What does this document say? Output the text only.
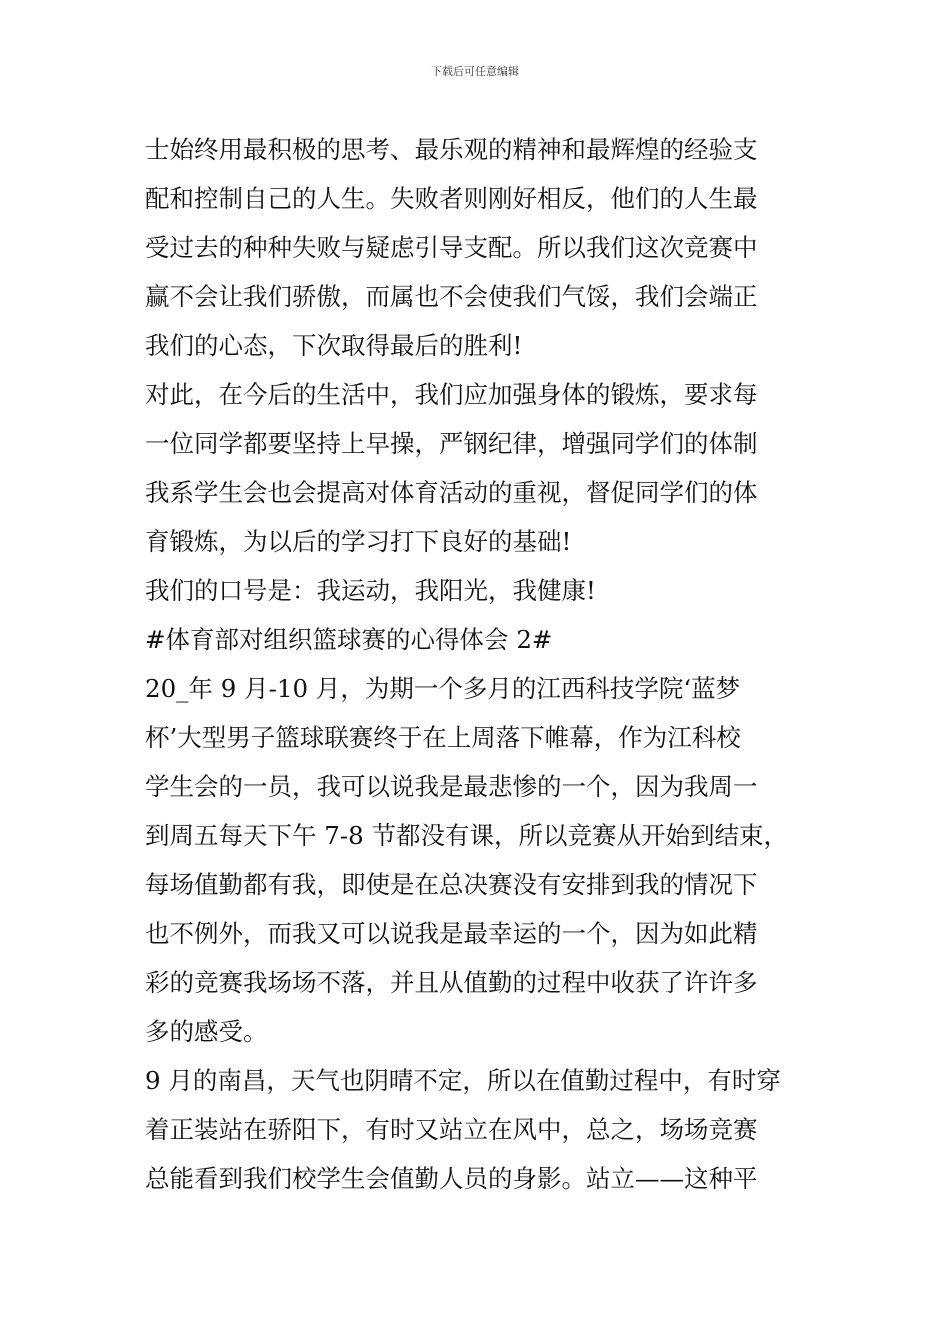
下载后可任意编辑
士始终用最积极的思考、最乐观的精神和最辉煌的经验支
配和控制自己的人生。失败者则刚好相反，他们的人生最
受过去的种种失败与疑虑引导支配。所以我们这次竞赛中
赢不会让我们骄傲，而属也不会使我们气馁，我们会端正
我们的心态，下次取得最后的胜利!
对此，在今后的生活中，我们应加强身体的锻炼，要求每
一位同学都要坚持上早操，严钢纪律，增强同学们的体制
我系学生会也会提高对体育活动的重视，督促同学们的体
育锻炼，为以后的学习打下良好的基础!
我们的口号是：我运动，我阳光，我健康!
#体育部对组织篮球赛的心得体会 2#
20_年 9 月-10 月，为期一个多月的江西科技学院‘蓝梦
杯’大型男子篮球联赛终于在上周落下帷幕，作为江科校
学生会的一员，我可以说我是最悲惨的一个，因为我周一
到周五每天下午 7-8 节都没有课，所以竞赛从开始到结束，
每场值勤都有我，即使是在总决赛没有安排到我的情况下
也不例外，而我又可以说我是最幸运的一个，因为如此精
彩的竞赛我场场不落，并且从值勤的过程中收获了许许多
多的感受。
9 月的南昌，天气也阴晴不定，所以在值勤过程中，有时穿
着正装站在骄阳下，有时又站立在风中，总之，场场竞赛
总能看到我们校学生会值勤人员的身影。站立——这种平
